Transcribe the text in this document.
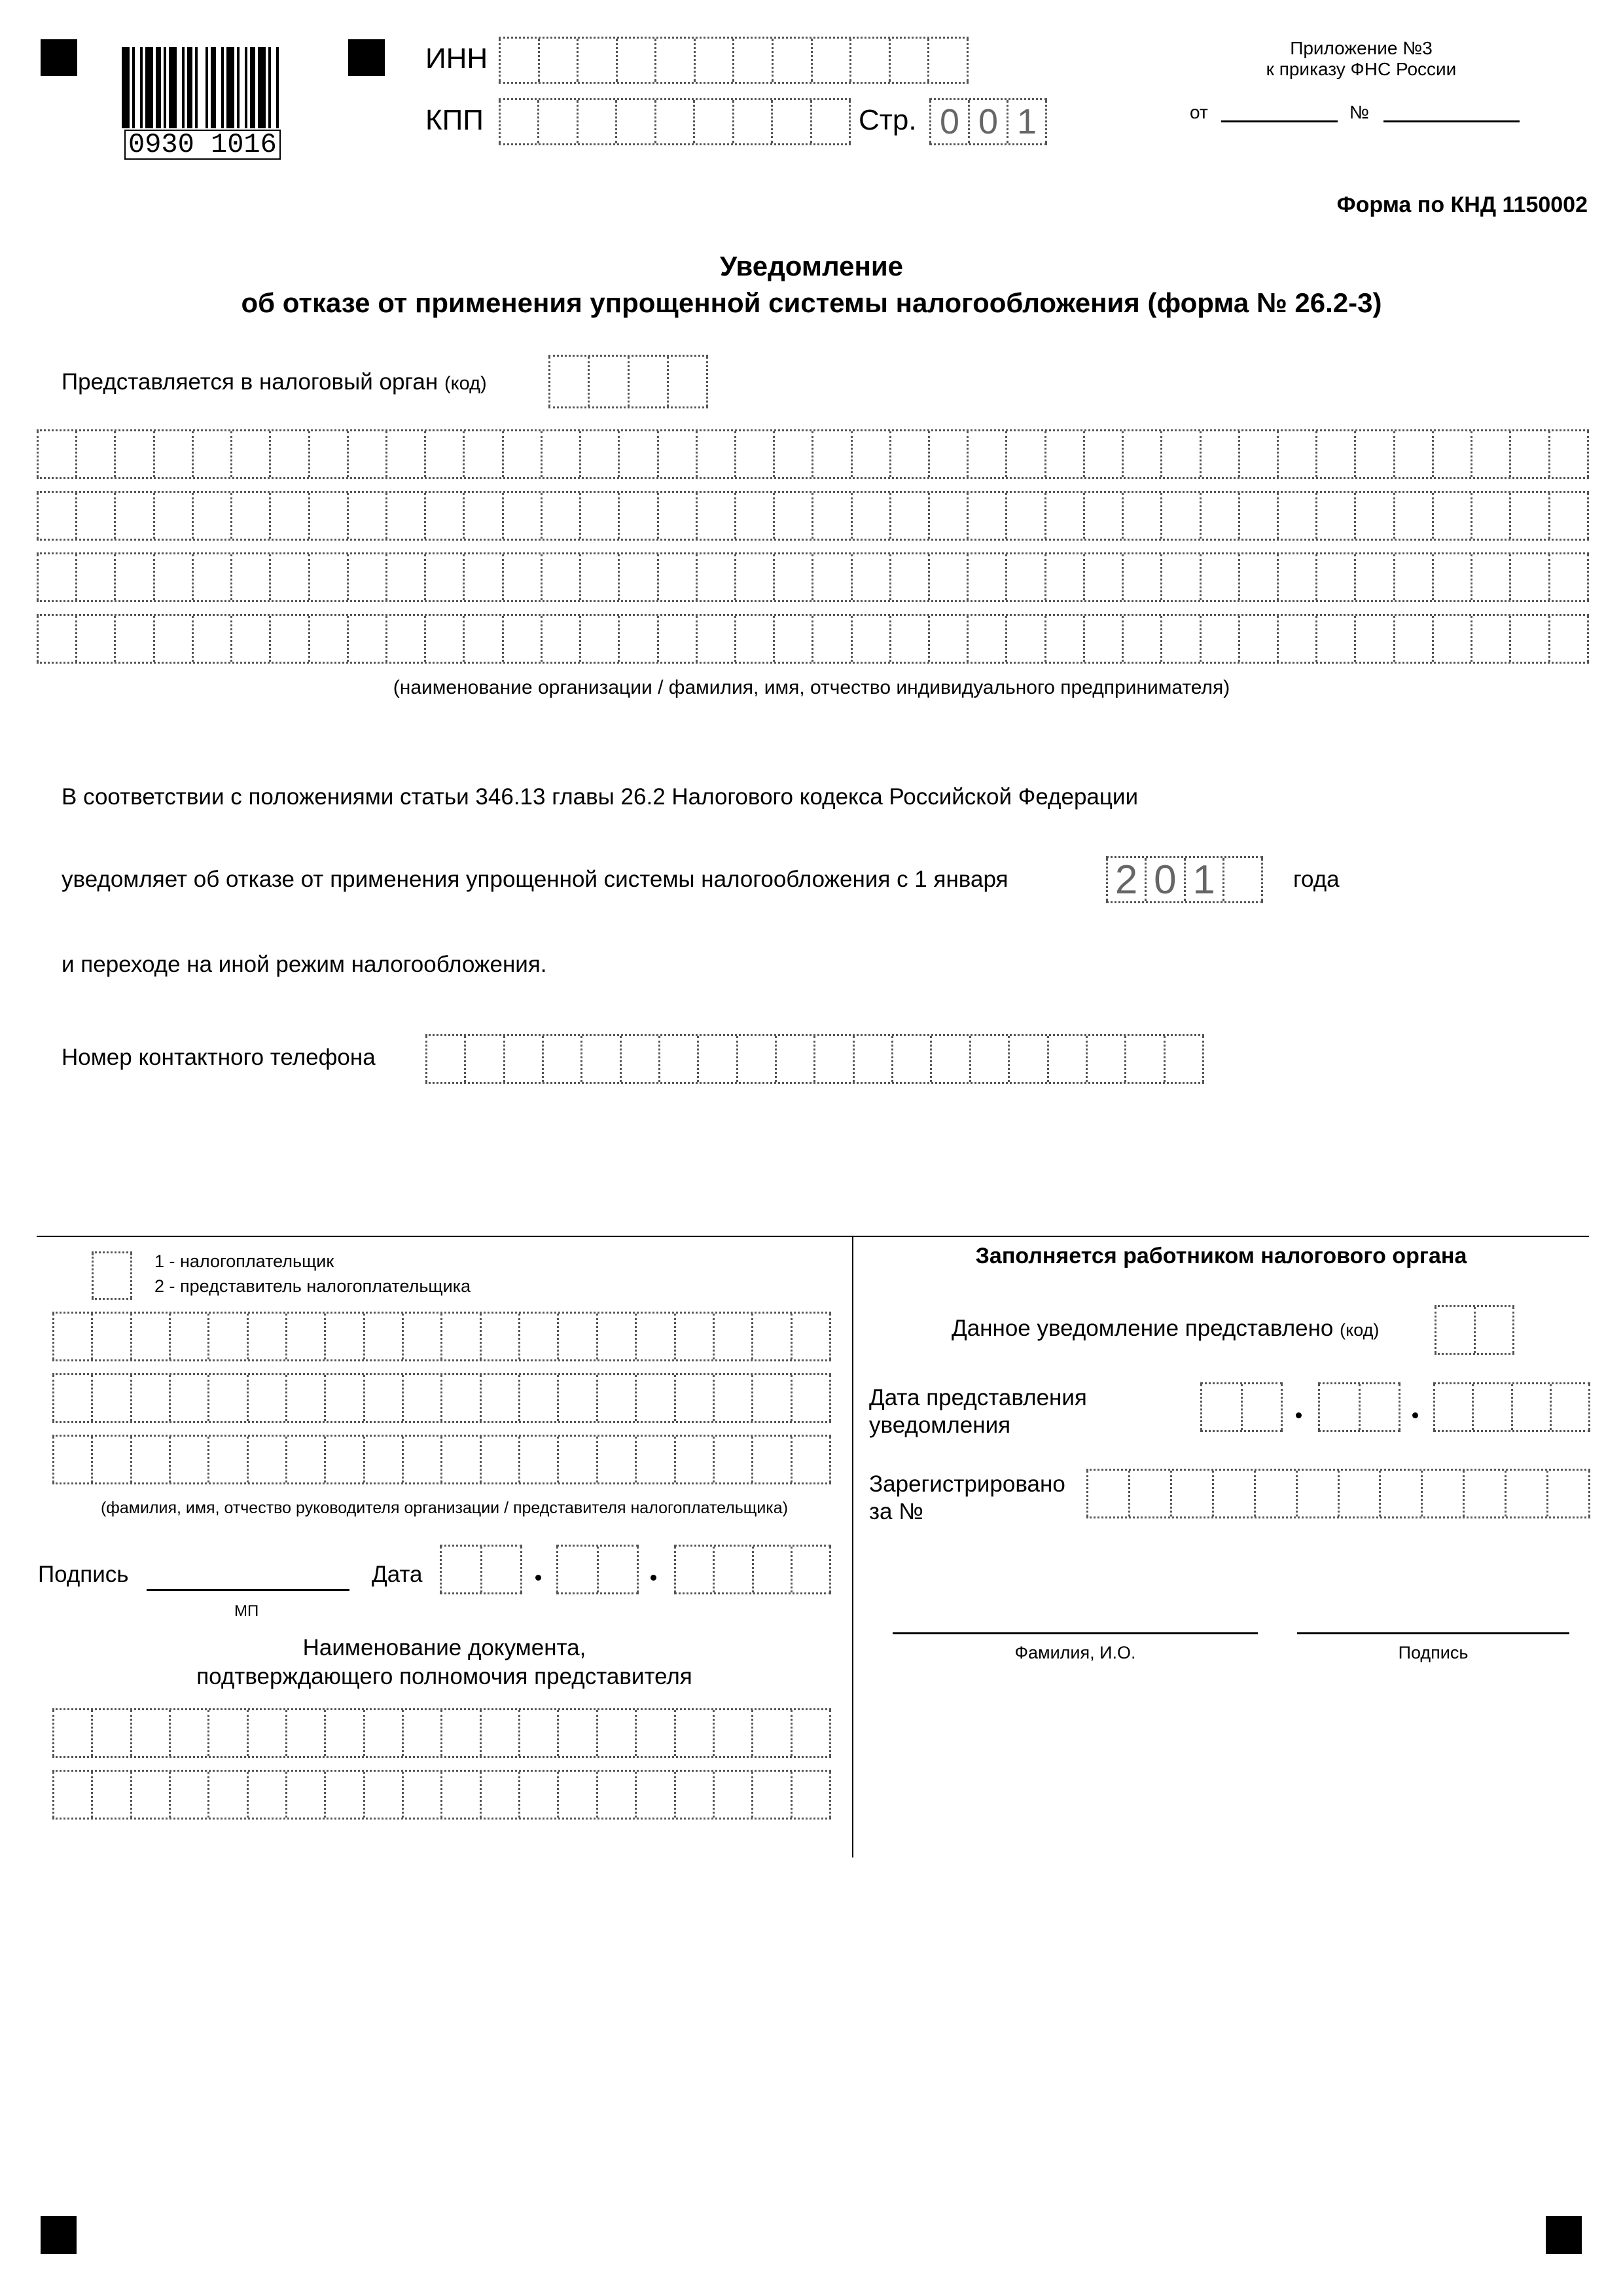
0930 1016
ИНН
КПП	Стр. 0 0 1
Приложение №3
к приказу ФНС России
от	№
Форма по КНД 1150002
Уведомление
об отказе от применения упрощенной системы налогообложения (форма № 26.2-3)
Представляется в налоговый орган (код)
(наименование организации / фамилия, имя, отчество индивидуального предпринимателя)
В соответствии с положениями статьи 346.13 главы 26.2 Налогового кодекса Российской Федерации
уведомляет об отказе от применения упрощенной системы налогообложения с 1 января	2 0 1	года
и переходе на иной режим налогообложения.
Номер контактного телефона
1 - налогоплательщик
2 - представитель налогоплательщика
(фамилия, имя, отчество руководителя организации / представителя налогоплательщика)
Подпись
МП
Дата
Наименование документа,
подтверждающего полномочия представителя
Заполняется работником налогового органа
Данное уведомление представлено (код)
Дата представления
уведомления
Зарегистрировано
за №
Фамилия, И.О.	Подпись
